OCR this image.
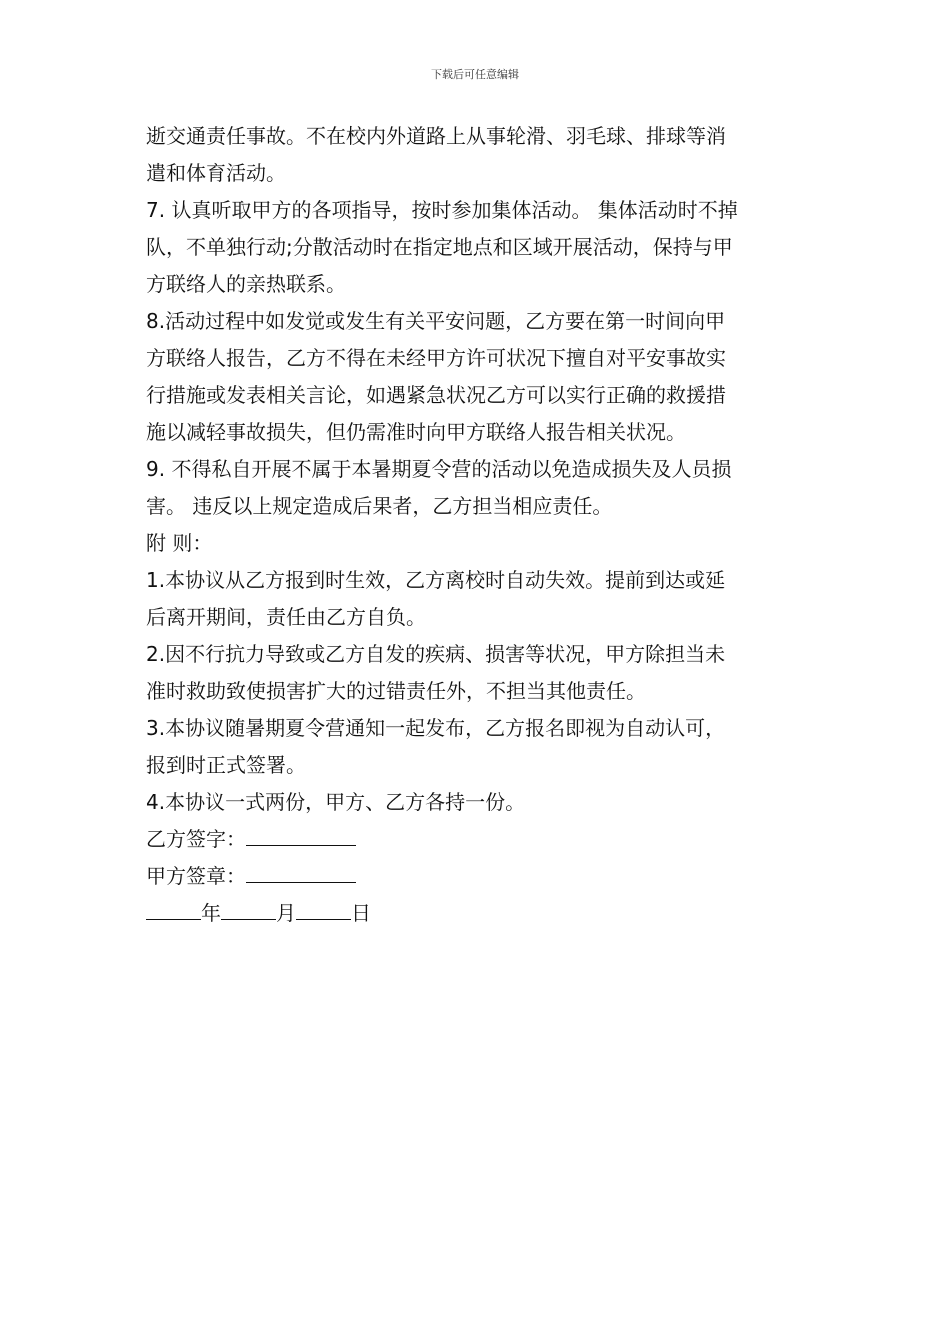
下载后可任意编辑
逝交通责任事故。不在校内外道路上从事轮滑、羽毛球、排球等消
遣和体育活动。
7. 认真听取甲方的各项指导，按时参加集体活动。 集体活动时不掉
队，不单独行动;分散活动时在指定地点和区域开展活动，保持与甲
方联络人的亲热联系。
8.活动过程中如发觉或发生有关平安问题，乙方要在第一时间向甲
方联络人报告，乙方不得在未经甲方许可状况下擅自对平安事故实
行措施或发表相关言论，如遇紧急状况乙方可以实行正确的救援措
施以减轻事故损失，但仍需准时向甲方联络人报告相关状况。
9. 不得私自开展不属于本暑期夏令营的活动以免造成损失及人员损
害。 违反以上规定造成后果者，乙方担当相应责任。
附 则：
1.本协议从乙方报到时生效，乙方离校时自动失效。提前到达或延
后离开期间，责任由乙方自负。
2.因不行抗力导致或乙方自发的疾病、损害等状况，甲方除担当未
准时救助致使损害扩大的过错责任外，不担当其他责任。
3.本协议随暑期夏令营通知一起发布，乙方报名即视为自动认可，
报到时正式签署。
4.本协议一式两份，甲方、乙方各持一份。
乙方签字：
甲方签章：
年	月	日
